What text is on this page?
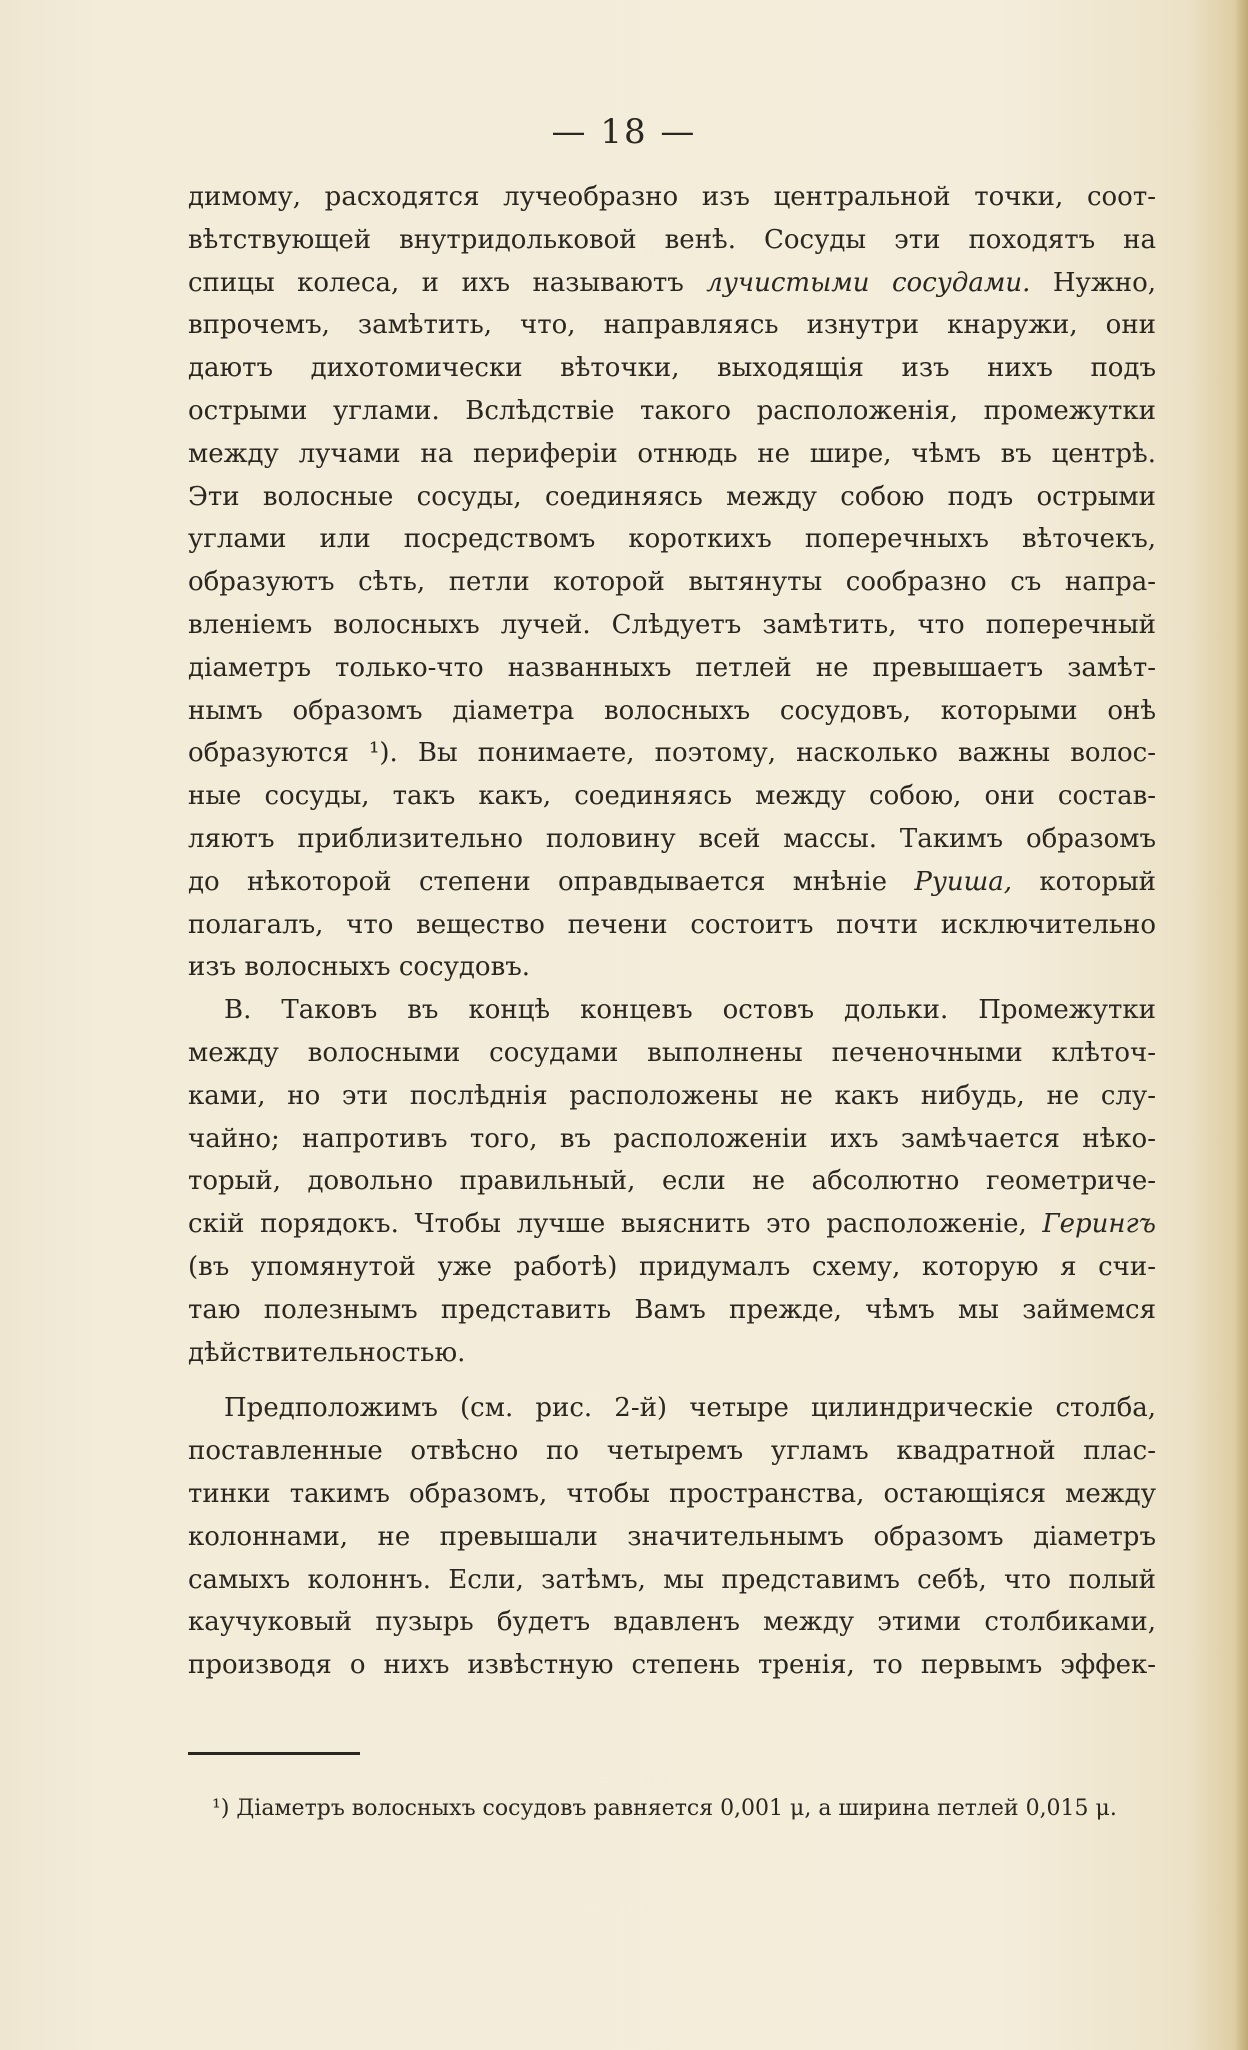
— 18 —
димому, расходятся лучеобразно изъ центральной точки, соот-
вѣтствующей внутридольковой венѣ. Сосуды эти походятъ на
спицы колеса, и ихъ называютъ лучистыми сосудами. Нужно,
впрочемъ, замѣтить, что, направляясь изнутри кнаружи, они
даютъ дихотомически вѣточки, выходящія изъ нихъ подъ
острыми углами. Вслѣдствіе такого расположенія, промежутки
между лучами на периферіи отнюдь не шире, чѣмъ въ центрѣ.
Эти волосные сосуды, соединяясь между собою подъ острыми
углами или посредствомъ короткихъ поперечныхъ вѣточекъ,
образуютъ сѣть, петли которой вытянуты сообразно съ напра-
вленіемъ волосныхъ лучей. Слѣдуетъ замѣтить, что поперечный
діаметръ только-что названныхъ петлей не превышаетъ замѣт-
нымъ образомъ діаметра волосныхъ сосудовъ, которыми онѣ
образуются ¹). Вы понимаете, поэтому, насколько важны волос-
ные сосуды, такъ какъ, соединяясь между собою, они состав-
ляютъ приблизительно половину всей массы. Такимъ образомъ
до нѣкоторой степени оправдывается мнѣніе Руиша, который
полагалъ, что вещество печени состоитъ почти исключительно
изъ волосныхъ сосудовъ.
В. Таковъ въ концѣ концевъ остовъ дольки. Промежутки
между волосными сосудами выполнены печеночными клѣточ-
ками, но эти послѣднія расположены не какъ нибудь, не слу-
чайно; напротивъ того, въ расположеніи ихъ замѣчается нѣко-
торый, довольно правильный, если не абсолютно геометриче-
скій порядокъ. Чтобы лучше выяснить это расположеніе, Герингъ
(въ упомянутой уже работѣ) придумалъ схему, которую я счи-
таю полезнымъ представить Вамъ прежде, чѣмъ мы займемся
дѣйствительностью.
Предположимъ (см. рис. 2-й) четыре цилиндрическіе столба,
поставленные отвѣсно по четыремъ угламъ квадратной плас-
тинки такимъ образомъ, чтобы пространства, остающіяся между
колоннами, не превышали значительнымъ образомъ діаметръ
самыхъ колоннъ. Если, затѣмъ, мы представимъ себѣ, что полый
каучуковый пузырь будетъ вдавленъ между этими столбиками,
производя о нихъ извѣстную степень тренія, то первымъ эффек-
¹) Діаметръ волосныхъ сосудовъ равняется 0,001 μ, а ширина петлей 0,015 μ.
